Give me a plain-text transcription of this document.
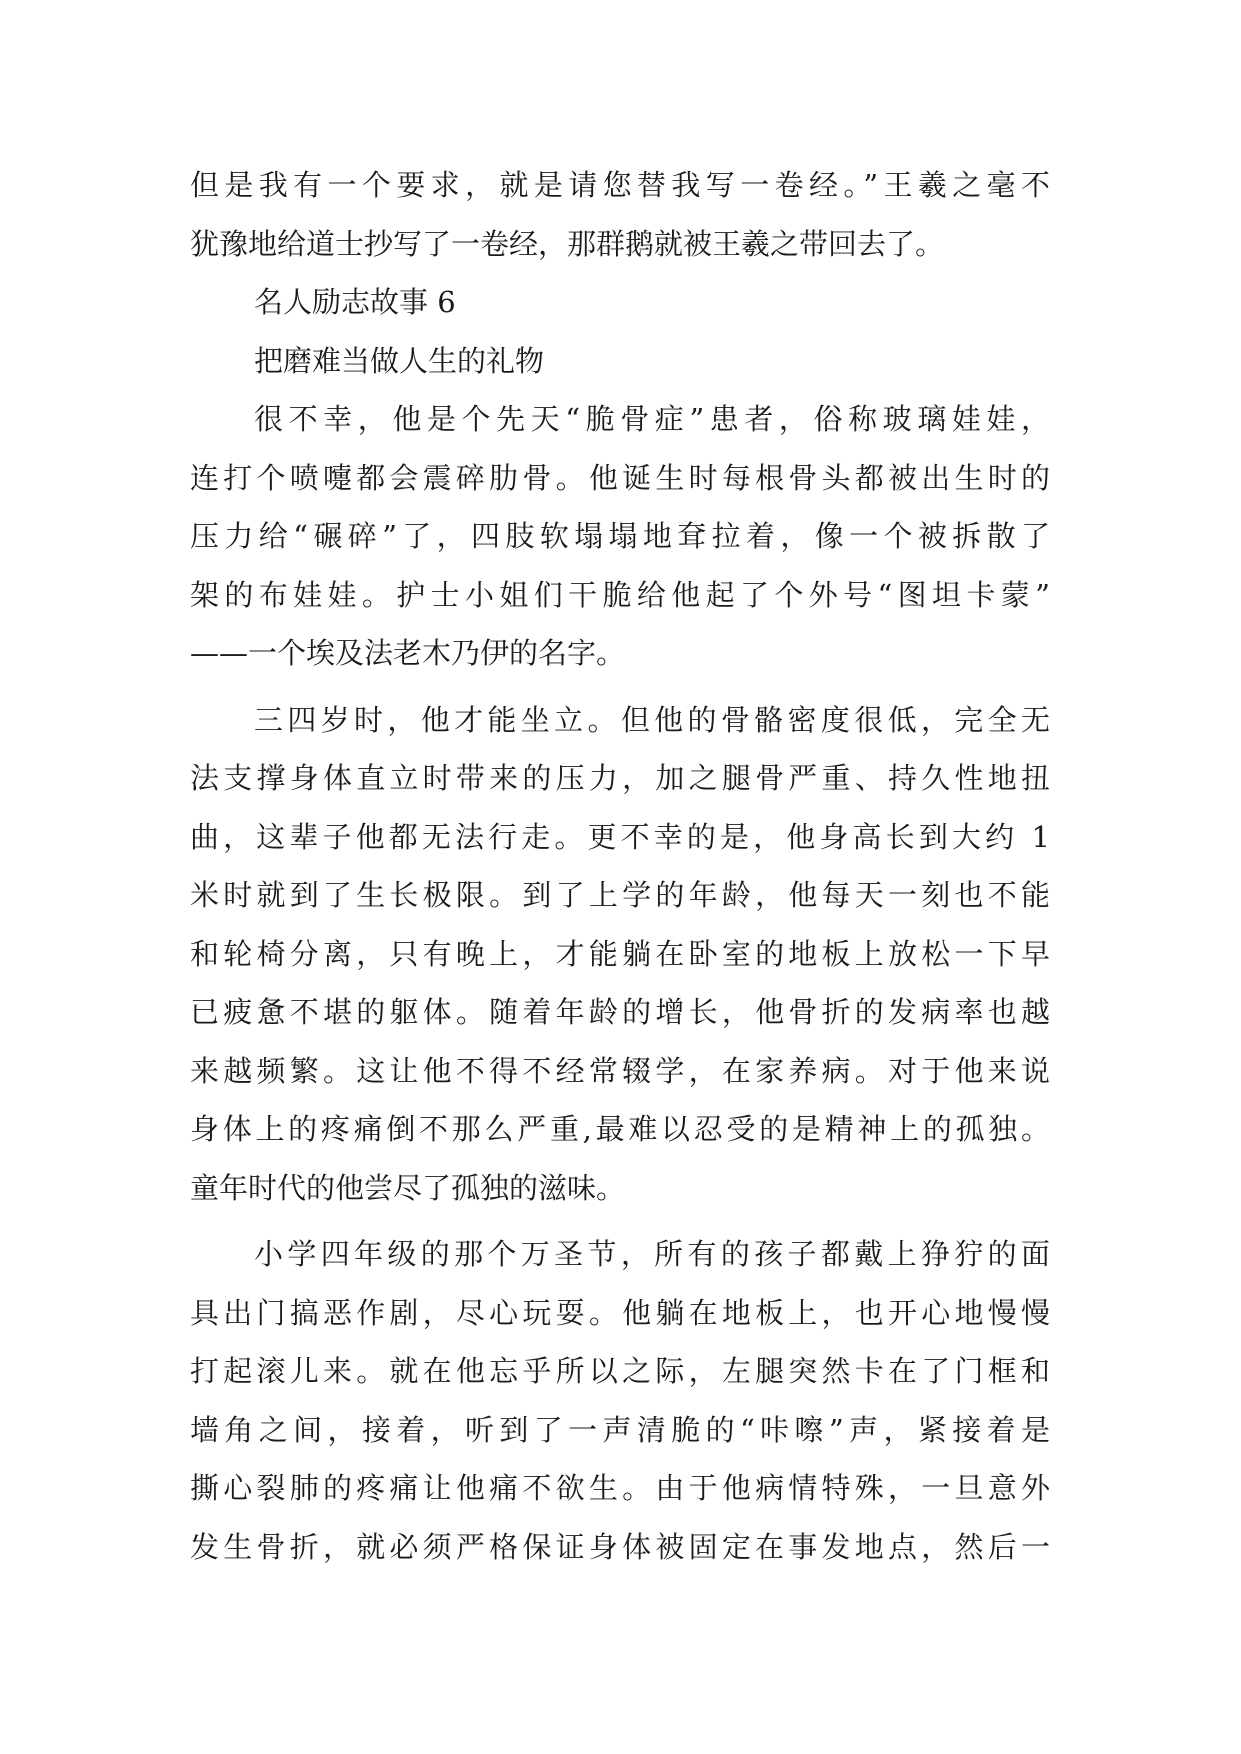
但是我有一个要求，就是请您替我写一卷经。”王羲之毫不
犹豫地给道士抄写了一卷经，那群鹅就被王羲之带回去了。
名人励志故事 6
把磨难当做人生的礼物
很不幸，他是个先天“脆骨症”患者，俗称玻璃娃娃，
连打个喷嚏都会震碎肋骨。他诞生时每根骨头都被出生时的
压力给“碾碎”了，四肢软塌塌地耷拉着，像一个被拆散了
架的布娃娃。护士小姐们干脆给他起了个外号“图坦卡蒙”
——一个埃及法老木乃伊的名字。
三四岁时，他才能坐立。但他的骨骼密度很低，完全无
法支撑身体直立时带来的压力，加之腿骨严重、持久性地扭
曲，这辈子他都无法行走。更不幸的是，他身高长到大约 1
米时就到了生长极限。到了上学的年龄，他每天一刻也不能
和轮椅分离，只有晚上，才能躺在卧室的地板上放松一下早
已疲惫不堪的躯体。随着年龄的增长，他骨折的发病率也越
来越频繁。这让他不得不经常辍学，在家养病。对于他来说
身体上的疼痛倒不那么严重,最难以忍受的是精神上的孤独。
童年时代的他尝尽了孤独的滋味。
小学四年级的那个万圣节，所有的孩子都戴上狰狞的面
具出门搞恶作剧，尽心玩耍。他躺在地板上，也开心地慢慢
打起滚儿来。就在他忘乎所以之际，左腿突然卡在了门框和
墙角之间，接着，听到了一声清脆的“咔嚓”声，紧接着是
撕心裂肺的疼痛让他痛不欲生。由于他病情特殊，一旦意外
发生骨折，就必须严格保证身体被固定在事发地点，然后一
